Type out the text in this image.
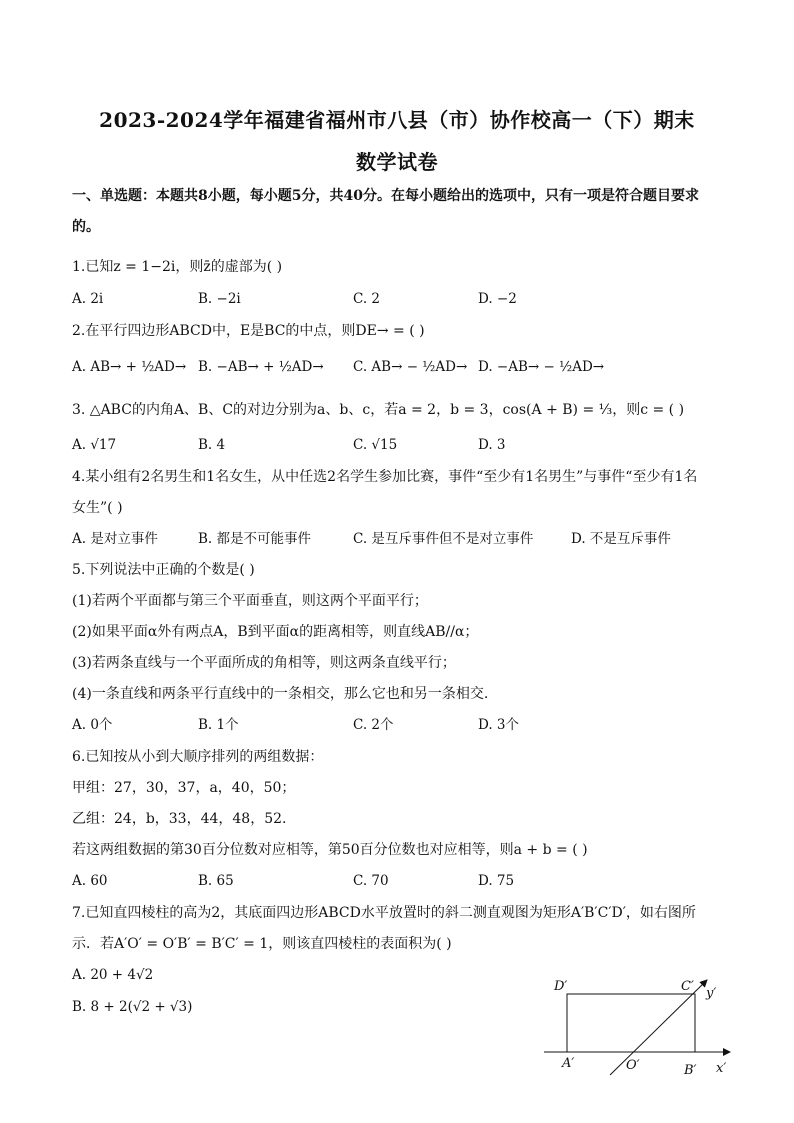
2023-2024学年福建省福州市八县（市）协作校高一（下）期末
数学试卷
一、单选题：本题共8小题，每小题5分，共40分。在每小题给出的选项中，只有一项是符合题目要求
的。
1.已知z = 1−2i，则z̄的虚部为( )
A. 2i	B. −2i	C. 2	D. −2
2.在平行四边形ABCD中，E是BC的中点，则DE→ = ( )
A. AB→ + ½AD→ B. −AB→ + ½AD→ C. AB→ − ½AD→ D. −AB→ − ½AD→
3. △ABC的内角A、B、C的对边分别为a、b、c，若a = 2，b = 3，cos(A + B) = ⅓，则c = ( )
A. √17	B. 4	C. √15	D. 3
4.某小组有2名男生和1名女生，从中任选2名学生参加比赛，事件“至少有1名男生”与事件“至少有1名
女生”( )
A. 是对立事件	B. 都是不可能事件	C. 是互斥事件但不是对立事件	D. 不是互斥事件
5.下列说法中正确的个数是( )
(1)若两个平面都与第三个平面垂直，则这两个平面平行；
(2)如果平面α外有两点A，B到平面α的距离相等，则直线AB//α；
(3)若两条直线与一个平面所成的角相等，则这两条直线平行；
(4)一条直线和两条平行直线中的一条相交，那么它也和另一条相交.
A. 0个	B. 1个	C. 2个	D. 3个
6.已知按从小到大顺序排列的两组数据：
甲组：27，30，37，a，40，50；
乙组：24，b，33，44，48，52.
若这两组数据的第30百分位数对应相等，第50百分位数也对应相等，则a + b = ( )
A. 60	B. 65	C. 70	D. 75
7.已知直四棱柱的高为2，其底面四边形ABCD水平放置时的斜二测直观图为矩形A′B′C′D′，如右图所
示．若A′O′ = O′B′ = B′C′ = 1，则该直四棱柱的表面积为( )
A. 20 + 4√2
B. 8 + 2(√2 + √3)
D′	C′ y′
A′	O′	B′ x′
